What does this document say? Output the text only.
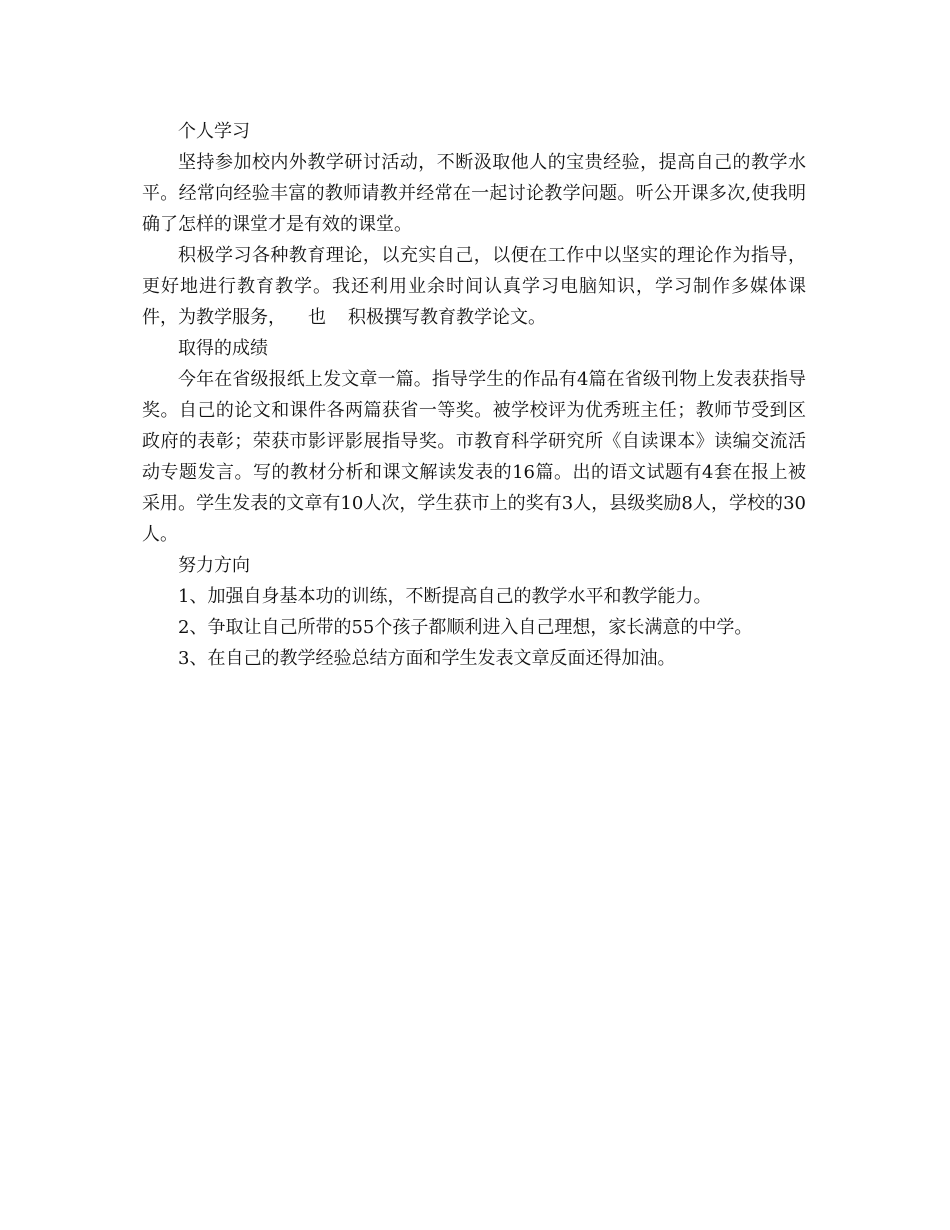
个人学习

坚持参加校内外教学研讨活动，不断汲取他人的宝贵经验，提高自己的教学水平。经常向经验丰富的教师请教并经常在一起讨论教学问题。听公开课多次,使我明确了怎样的课堂才是有效的课堂。

积极学习各种教育理论，以充实自己，以便在工作中以坚实的理论作为指导，更好地进行教育教学。我还利用业余时间认真学习电脑知识，学习制作多媒体课件，为教学服务， 也 积极撰写教育教学论文。

取得的成绩

今年在省级报纸上发文章一篇。指导学生的作品有4篇在省级刊物上发表获指导奖。自己的论文和课件各两篇获省一等奖。被学校评为优秀班主任；教师节受到区政府的表彰；荣获市影评影展指导奖。市教育科学研究所《自读课本》读编交流活动专题发言。写的教材分析和课文解读发表的16篇。出的语文试题有4套在报上被采用。学生发表的文章有10人次，学生获市上的奖有3人，县级奖励8人，学校的30人。

努力方向
1、加强自身基本功的训练，不断提高自己的教学水平和教学能力。
2、争取让自己所带的55个孩子都顺利进入自己理想，家长满意的中学。
3、在自己的教学经验总结方面和学生发表文章反面还得加油。
